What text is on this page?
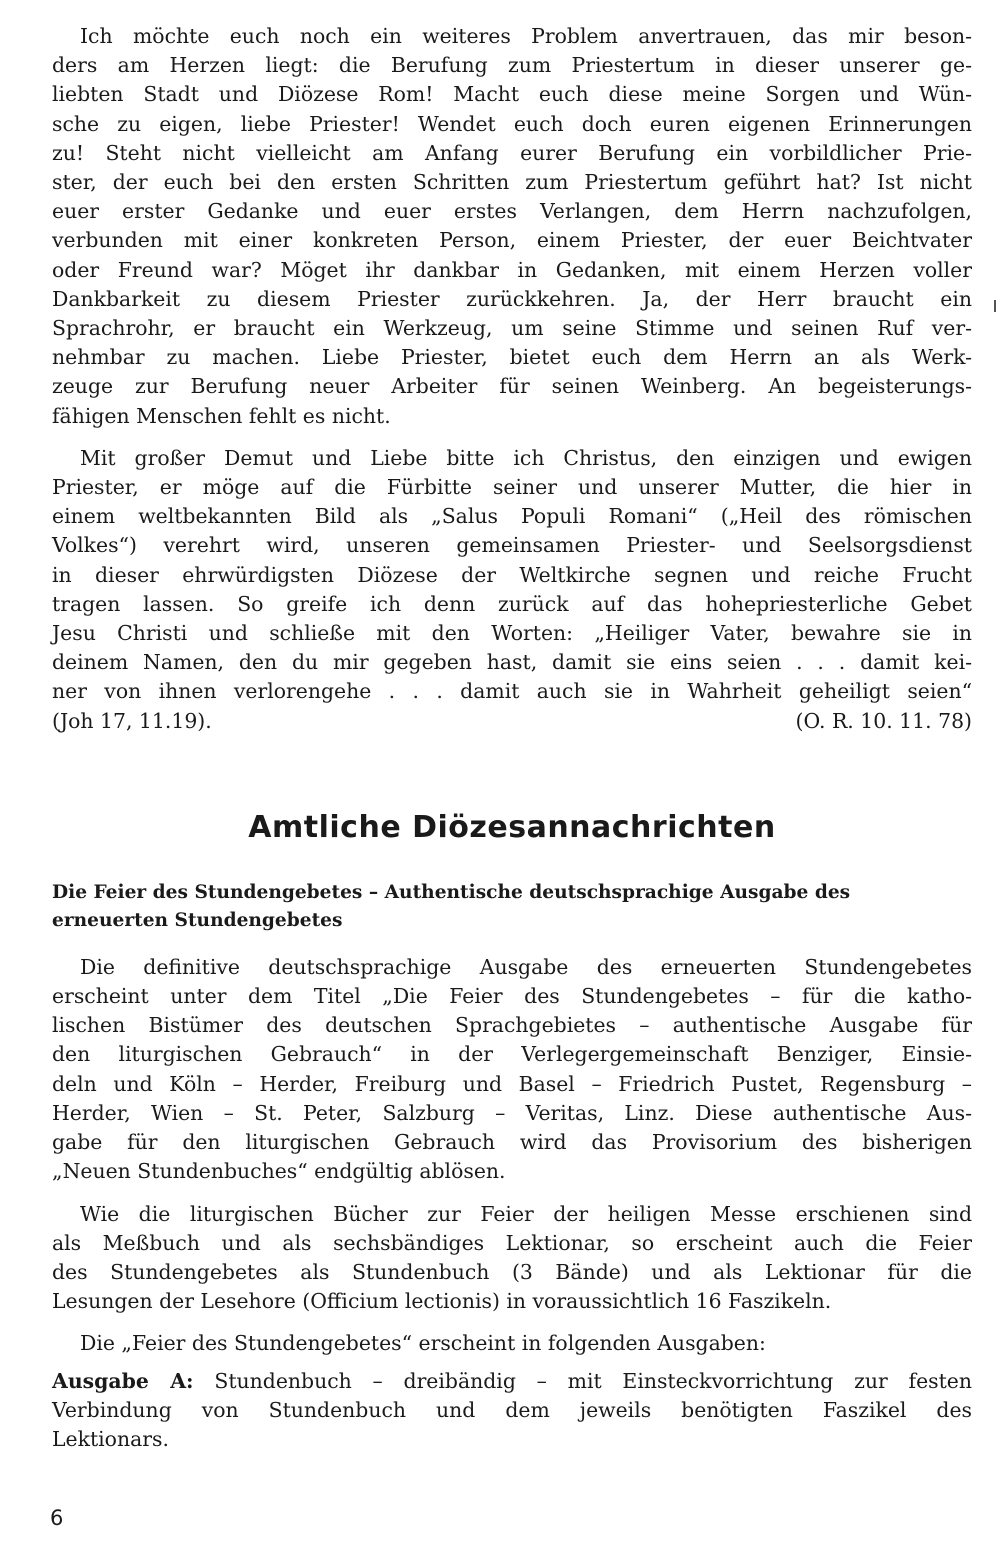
Ich möchte euch noch ein weiteres Problem anvertrauen, das mir beson-
ders am Herzen liegt: die Berufung zum Priestertum in dieser unserer ge-
liebten Stadt und Diözese Rom! Macht euch diese meine Sorgen und Wün-
sche zu eigen, liebe Priester! Wendet euch doch euren eigenen Erinnerungen
zu! Steht nicht vielleicht am Anfang eurer Berufung ein vorbildlicher Prie-
ster, der euch bei den ersten Schritten zum Priestertum geführt hat? Ist nicht
euer erster Gedanke und euer erstes Verlangen, dem Herrn nachzufolgen,
verbunden mit einer konkreten Person, einem Priester, der euer Beichtvater
oder Freund war? Möget ihr dankbar in Gedanken, mit einem Herzen voller
Dankbarkeit zu diesem Priester zurückkehren. Ja, der Herr braucht ein
Sprachrohr, er braucht ein Werkzeug, um seine Stimme und seinen Ruf ver-
nehmbar zu machen. Liebe Priester, bietet euch dem Herrn an als Werk-
zeuge zur Berufung neuer Arbeiter für seinen Weinberg. An begeisterungs-
fähigen Menschen fehlt es nicht.

Mit großer Demut und Liebe bitte ich Christus, den einzigen und ewigen
Priester, er möge auf die Fürbitte seiner und unserer Mutter, die hier in
einem weltbekannten Bild als „Salus Populi Romani“ („Heil des römischen
Volkes“) verehrt wird, unseren gemeinsamen Priester- und Seelsorgsdienst
in dieser ehrwürdigsten Diözese der Weltkirche segnen und reiche Frucht
tragen lassen. So greife ich denn zurück auf das hohepriesterliche Gebet
Jesu Christi und schließe mit den Worten: „Heiliger Vater, bewahre sie in
deinem Namen, den du mir gegeben hast, damit sie eins seien . . . damit kei-
ner von ihnen verlorengehe . . . damit auch sie in Wahrheit geheiligt seien“

(Joh 17, 11.19).	(O. R. 10. 11. 78)
Amtliche Diözesannachrichten
Die Feier des Stundengebetes – Authentische deutschsprachige Ausgabe des
erneuerten Stundengebetes

Die definitive deutschsprachige Ausgabe des erneuerten Stundengebetes
erscheint unter dem Titel „Die Feier des Stundengebetes – für die katho-
lischen Bistümer des deutschen Sprachgebietes – authentische Ausgabe für
den liturgischen Gebrauch“ in der Verlegergemeinschaft Benziger, Einsie-
deln und Köln – Herder, Freiburg und Basel – Friedrich Pustet, Regensburg –
Herder, Wien – St. Peter, Salzburg – Veritas, Linz. Diese authentische Aus-
gabe für den liturgischen Gebrauch wird das Provisorium des bisherigen
„Neuen Stundenbuches“ endgültig ablösen.

Wie die liturgischen Bücher zur Feier der heiligen Messe erschienen sind
als Meßbuch und als sechsbändiges Lektionar, so erscheint auch die Feier
des Stundengebetes als Stundenbuch (3 Bände) und als Lektionar für die
Lesungen der Lesehore (Officium lectionis) in voraussichtlich 16 Faszikeln.

Die „Feier des Stundengebetes“ erscheint in folgenden Ausgaben:

Ausgabe A: Stundenbuch – dreibändig – mit Einsteckvorrichtung zur festen
Verbindung von Stundenbuch und dem jeweils benötigten Faszikel des
Lektionars.

6
